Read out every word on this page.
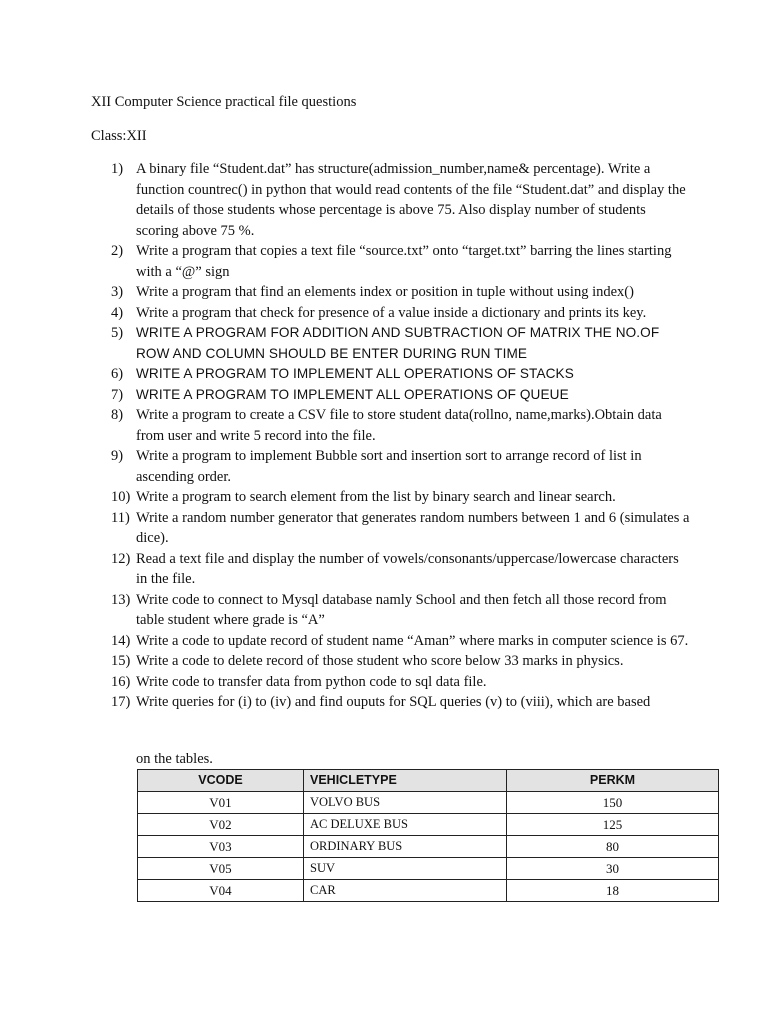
XII Computer Science practical file questions
Class:XII
1) A binary file “Student.dat” has structure(admission_number,name& percentage). Write a function countrec() in python that would read contents of the file “Student.dat” and display the details of those students whose percentage is above 75. Also display number of students scoring above 75 %.
2) Write a program that copies a text file “source.txt” onto “target.txt” barring the lines starting with a “@” sign
3) Write a program that find an elements index or position in tuple without using index()
4) Write a program that check for presence of a value inside a dictionary and prints its key.
5) WRITE A PROGRAM FOR ADDITION AND SUBTRACTION OF MATRIX THE NO.OF ROW AND COLUMN SHOULD BE ENTER DURING RUN TIME
6) WRITE A PROGRAM TO IMPLEMENT ALL OPERATIONS OF STACKS
7) WRITE A PROGRAM TO IMPLEMENT ALL OPERATIONS OF QUEUE
8) Write a program to create a CSV file to store student data(rollno, name,marks).Obtain data from user and write 5 record into the file.
9) Write a program to implement Bubble sort and insertion sort to arrange record of list in ascending order.
10) Write a program to search element from the list by binary search and linear search.
11) Write a random number generator that generates random numbers between 1 and 6 (simulates a dice).
12) Read a text file and display the number of vowels/consonants/uppercase/lowercase characters in the file.
13) Write code to connect to Mysql database namly School and then fetch all those record from table student where grade is “A”
14) Write a code to update record of student name “Aman” where marks in computer science is 67.
15) Write a code to delete record of those student who score below 33 marks in physics.
16) Write code to transfer data from python code to sql data file.
17) Write queries for (i) to (iv) and find ouputs for SQL queries (v) to (viii), which are based
on the tables.
VCODE	VEHICLETYPE	PERKM
V01	VOLVO BUS	150
V02	AC DELUXE BUS	125
V03	ORDINARY BUS	80
V05	SUV	30
V04	CAR	18
